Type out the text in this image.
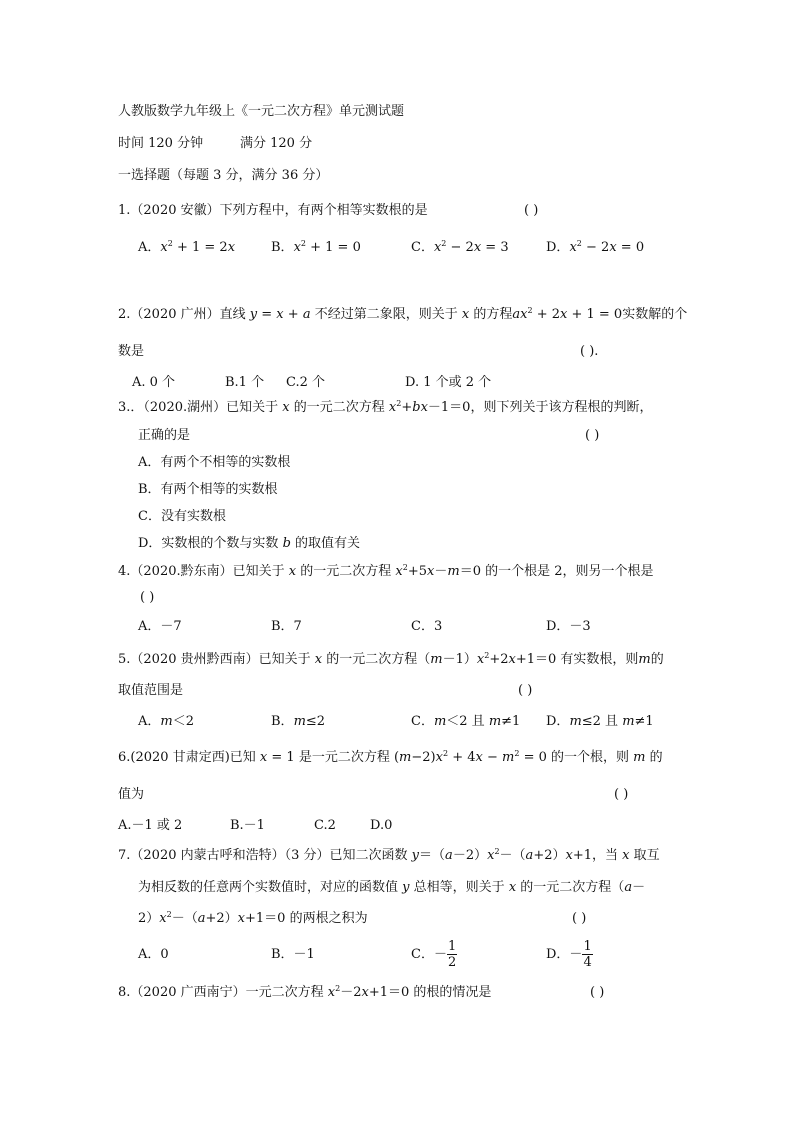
人教版数学九年级上《一元二次方程》单元测试题
时间 120 分钟	满分 120 分
一选择题（每题 3 分，满分 36 分）
1.（2020 安徽）下列方程中，有两个相等实数根的是	( )
A．$x^2 + 1 = 2x$	B．$x^2 + 1 = 0$	C．$x^2 - 2x = 3$	D．$x^2 - 2x = 0$
2.（2020 广州）直线 y = x + a 不经过第二象限，则关于 x 的方程$ax^2 + 2x + 1 = 0$实数解的个
数是	( ).
A. 0 个	B.1 个 C.2 个	D. 1 个或 2 个
3.．（2020.湖州）已知关于 x 的一元二次方程 $x^2+bx-1=0$，则下列关于该方程根的判断，
正确的是	( )
A．有两个不相等的实数根
B．有两个相等的实数根
C．没有实数根
D．实数根的个数与实数 b 的取值有关
4.（2020.黔东南）已知关于 x 的一元二次方程 $x^2+5x-m=0$ 的一个根是 2，则另一个根是
( )
A．－7	B．7	C．3	D．－3
5.（2020 贵州黔西南）已知关于 x 的一元二次方程$(m-1)x^2+2x+1=0$ 有实数根，则m的
取值范围是	( )
A．m＜2	B．m≤2	C．m＜2 且 m≠1 D．m≤2 且 m≠1
6.(2020 甘肃定西)已知 x = 1 是一元二次方程 $(m-2)x^2 + 4x - m^2 = 0$ 的一个根，则 m 的
值为	( )
A.－1 或 2	B.－1	C.2	D.0
7.（2020 内蒙古呼和浩特）（3 分）已知二次函数 $y=(a-2)x^2-(a+2)x+1$，当 x 取互
为相反数的任意两个实数值时，对应的函数值 y 总相等，则关于 x 的一元二次方程（a－
$2)x^2-(a+2)x+1=0$ 的两根之积为	( )
A．0	B．－1	C．－ $\frac{1}{2}$	D．－ $\frac{1}{4}$
8.（2020 广西南宁）一元二次方程 $x^2-2x+1=0$ 的根的情况是	( )
